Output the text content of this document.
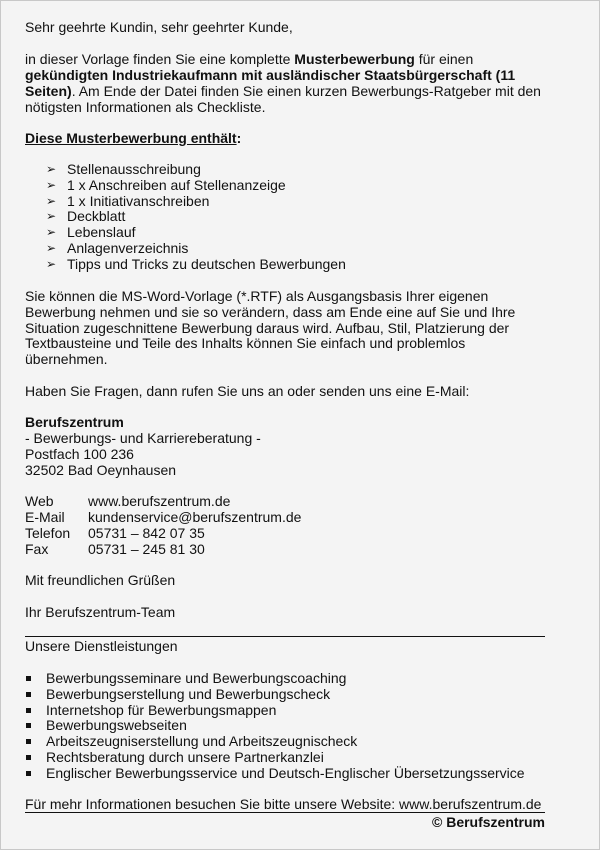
Sehr geehrte Kundin, sehr geehrter Kunde,
in dieser Vorlage finden Sie eine komplette Musterbewerbung für einen
gekündigten Industriekaufmann mit ausländischer Staatsbürgerschaft (11
Seiten). Am Ende der Datei finden Sie einen kurzen Bewerbungs-Ratgeber mit den
nötigsten Informationen als Checkliste.
Diese Musterbewerbung enthält:
➢ Stellenausschreibung
➢ 1 x Anschreiben auf Stellenanzeige
➢ 1 x Initiativanschreiben
➢ Deckblatt
➢ Lebenslauf
➢ Anlagenverzeichnis
➢ Tipps und Tricks zu deutschen Bewerbungen
Sie können die MS-Word-Vorlage (*.RTF) als Ausgangsbasis Ihrer eigenen
Bewerbung nehmen und sie so verändern, dass am Ende eine auf Sie und Ihre
Situation zugeschnittene Bewerbung daraus wird. Aufbau, Stil, Platzierung der
Textbausteine und Teile des Inhalts können Sie einfach und problemlos
übernehmen.
Haben Sie Fragen, dann rufen Sie uns an oder senden uns eine E-Mail:
Berufszentrum
- Bewerbungs- und Karriereberatung -
Postfach 100 236
32502 Bad Oeynhausen
Web www.berufszentrum.de
E-Mail kundenservice@berufszentrum.de
Telefon 05731 – 842 07 35
Fax	05731 – 245 81 30
Mit freundlichen Grüßen
Ihr Berufszentrum-Team
Unsere Dienstleistungen
Bewerbungsseminare und Bewerbungscoaching
Bewerbungserstellung und Bewerbungscheck
Internetshop für Bewerbungsmappen
Bewerbungswebseiten
Arbeitszeugniserstellung und Arbeitszeugnischeck
Rechtsberatung durch unsere Partnerkanzlei
Englischer Bewerbungsservice und Deutsch-Englischer Übersetzungsservice
Für mehr Informationen besuchen Sie bitte unsere Website: www.berufszentrum.de
© Berufszentrum
